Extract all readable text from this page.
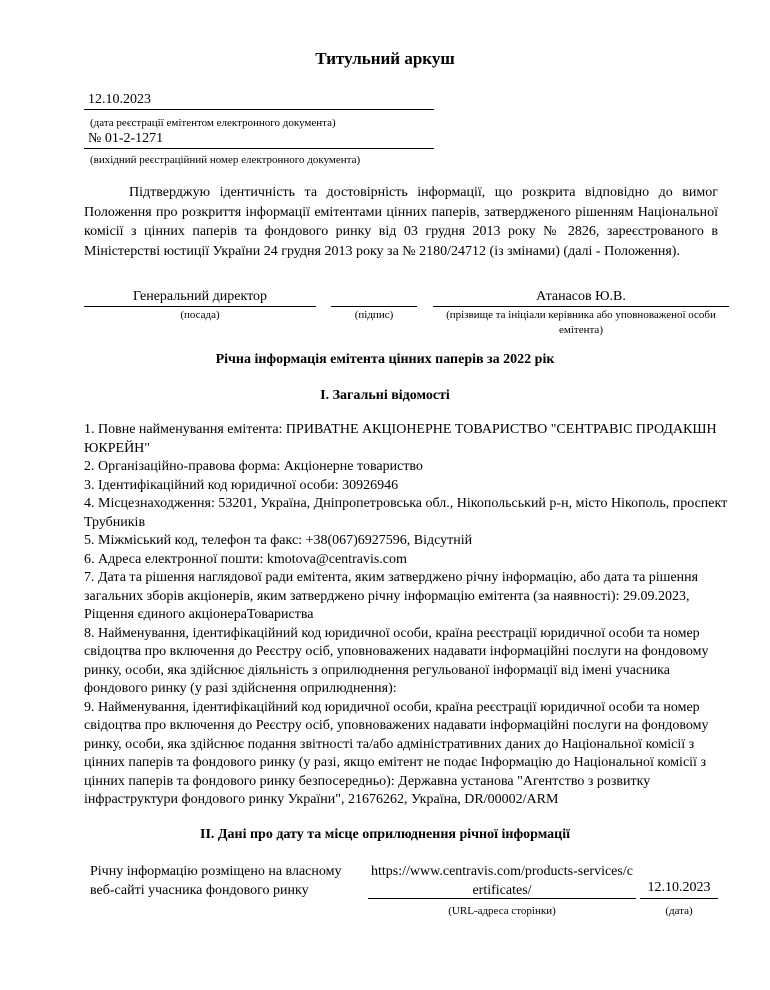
Титульний аркуш
12.10.2023
(дата реєстрації емітентом електронного документа)
№ 01-2-1271
(вихідний реєстраційний номер електронного документа)
Підтверджую ідентичність та достовірність інформації, що розкрита відповідно до вимог Положення про розкриття інформації емітентами цінних паперів, затвердженого рішенням Національної комісії з цінних паперів та фондового ринку від 03 грудня 2013 року № 2826, зареєстрованого в Міністерстві юстиції України 24 грудня 2013 року за № 2180/24712 (із змінами) (далі - Положення).
Генеральний директор
(посада)	(підпис)
Атанасов Ю.В.
(прізвище та ініціали керівника або уповноваженої особи емітента)
Річна інформація емітента цінних паперів за 2022 рік
I. Загальні відомості

1. Повне найменування емітента: ПРИВАТНЕ АКЦIОНЕРНЕ ТОВАРИСТВО "СЕНТРАВIС ПРОДАКШН ЮКРЕЙН"

2. Організаційно-правова форма: Акціонерне товариство

3. Ідентифікаційний код юридичної особи: 30926946

4. Місцезнаходження: 53201, Україна, Дніпропетровська обл., Нікопольський р-н, місто Нікополь, проспект Трубникiв

5. Міжміський код, телефон та факс: +38(067)6927596, Відсутній

6. Адреса електронної пошти: kmotova@centravis.com

7. Дата та рішення наглядової ради емітента, яким затверджено річну інформацію, або дата та рішення загальних зборів акціонерів, яким затверджено річну інформацію емітента (за наявності): 29.09.2023, Рiщення єдиного акцiонераТовариства

8. Найменування, ідентифікаційний код юридичної особи, країна реєстрації юридичної особи та номер свідоцтва про включення до Реєстру осіб, уповноважених надавати інформаційні послуги на фондовому ринку, особи, яка здійснює діяльність з оприлюднення регульованої інформації від імені учасника фондового ринку (у разі здійснення оприлюднення):

9. Найменування, ідентифікаційний код юридичної особи, країна реєстрації юридичної особи та номер свідоцтва про включення до Реєстру осіб, уповноважених надавати інформаційні послуги на фондовому ринку, особи, яка здійснює подання звітності та/або адміністративних даних до Національної комісії з цінних паперів та фондового ринку (у разі, якщо емітент не подає Інформацію до Національної комісії з цінних паперів та фондового ринку безпосередньо): Державна установа "Агентство з розвитку інфраструктури фондового ринку України", 21676262, Україна, DR/00002/ARM

II. Дані про дату та місце оприлюднення річної інформації
Річну інформацію розміщено на власному веб-сайті учасника фондового ринку
https://www.centravis.com/products-services/certificates/
(URL-адреса сторінки)
12.10.2023
(дата)
